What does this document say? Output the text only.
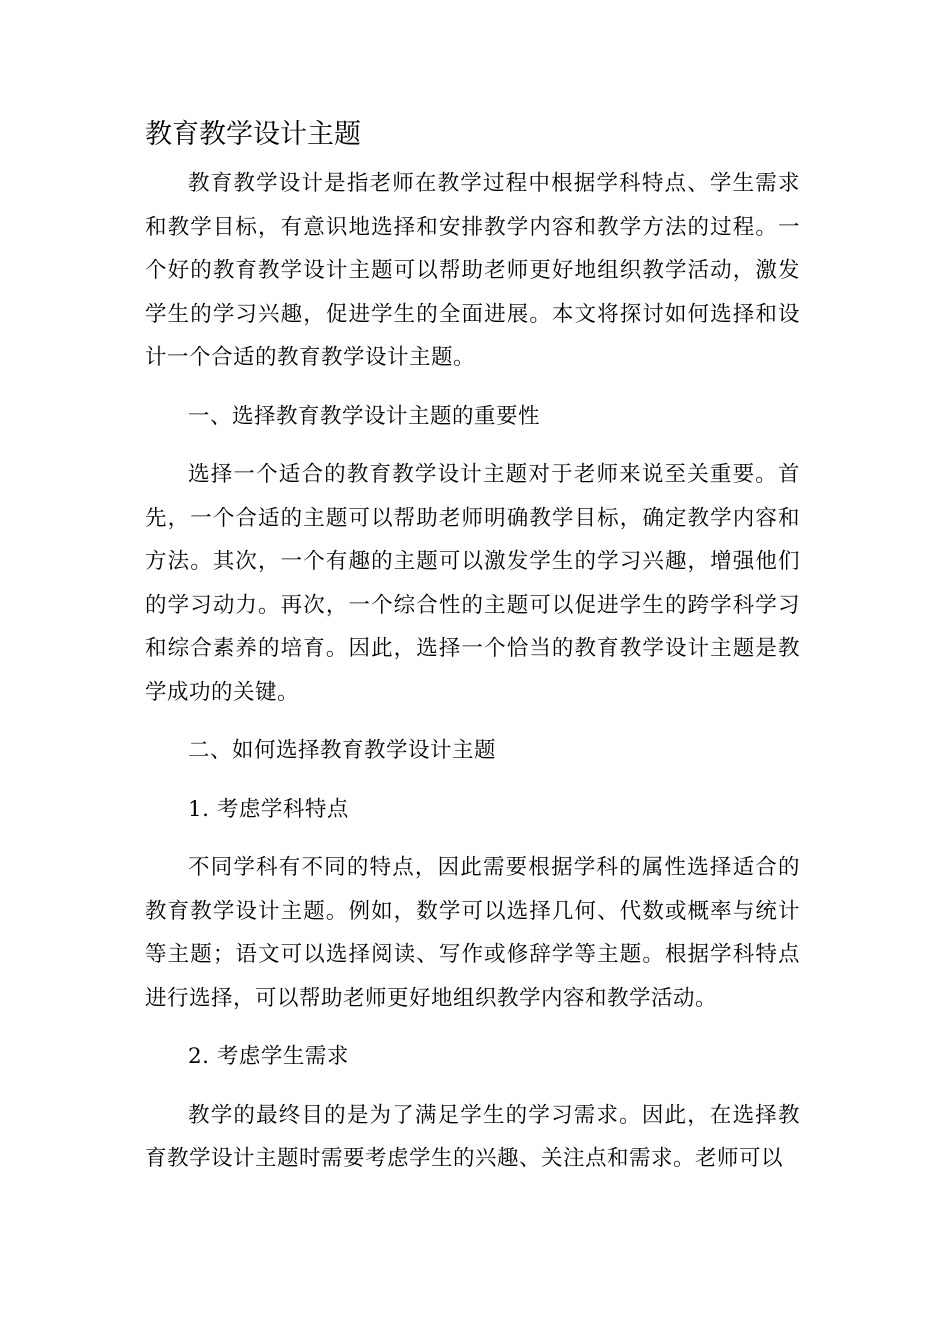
教育教学设计主题

教育教学设计是指老师在教学过程中根据学科特点、学生需求和教学目标，有意识地选择和安排教学内容和教学方法的过程。一个好的教育教学设计主题可以帮助老师更好地组织教学活动，激发学生的学习兴趣，促进学生的全面进展。本文将探讨如何选择和设计一个合适的教育教学设计主题。

一、选择教育教学设计主题的重要性

选择一个适合的教育教学设计主题对于老师来说至关重要。首先，一个合适的主题可以帮助老师明确教学目标，确定教学内容和方法。其次，一个有趣的主题可以激发学生的学习兴趣，增强他们的学习动力。再次，一个综合性的主题可以促进学生的跨学科学习和综合素养的培育。因此，选择一个恰当的教育教学设计主题是教学成功的关键。

二、如何选择教育教学设计主题

1. 考虑学科特点

不同学科有不同的特点，因此需要根据学科的属性选择适合的教育教学设计主题。例如，数学可以选择几何、代数或概率与统计等主题；语文可以选择阅读、写作或修辞学等主题。根据学科特点进行选择，可以帮助老师更好地组织教学内容和教学活动。

2. 考虑学生需求

教学的最终目的是为了满足学生的学习需求。因此，在选择教育教学设计主题时需要考虑学生的兴趣、关注点和需求。老师可以
